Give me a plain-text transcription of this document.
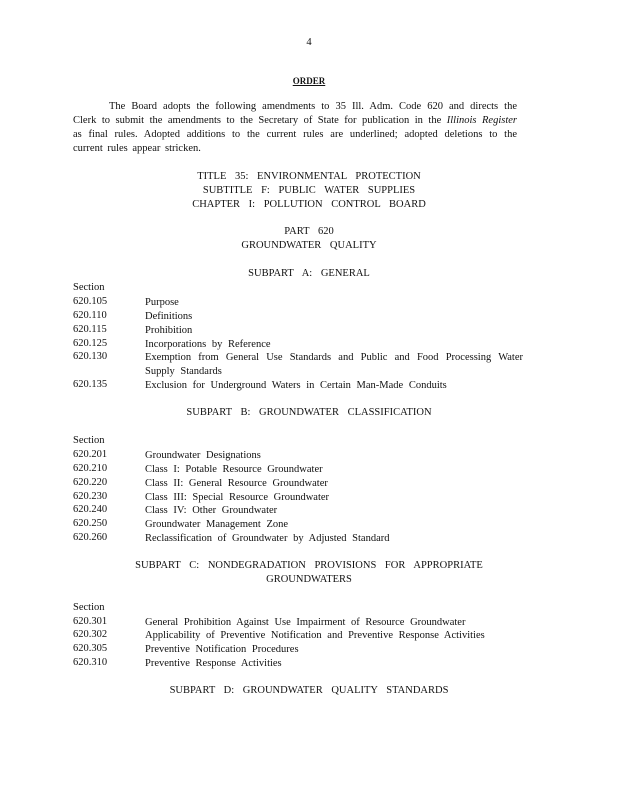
4
ORDER
The Board adopts the following amendments to 35 Ill. Adm. Code 620 and directs the Clerk to submit the amendments to the Secretary of State for publication in the Illinois Register as final rules. Adopted additions to the current rules are underlined; adopted deletions to the current rules appear stricken.
TITLE 35: ENVIRONMENTAL PROTECTION
SUBTITLE F: PUBLIC WATER SUPPLIES
CHAPTER I: POLLUTION CONTROL BOARD
PART 620
GROUNDWATER QUALITY
SUBPART A: GENERAL
Section
620.105	Purpose
620.110	Definitions
620.115	Prohibition
620.125	Incorporations by Reference
620.130	Exemption from General Use Standards and Public and Food Processing Water Supply Standards
620.135	Exclusion for Underground Waters in Certain Man-Made Conduits
SUBPART B: GROUNDWATER CLASSIFICATION
Section
620.201	Groundwater Designations
620.210	Class I: Potable Resource Groundwater
620.220	Class II: General Resource Groundwater
620.230	Class III: Special Resource Groundwater
620.240	Class IV: Other Groundwater
620.250	Groundwater Management Zone
620.260	Reclassification of Groundwater by Adjusted Standard
SUBPART C: NONDEGRADATION PROVISIONS FOR APPROPRIATE
GROUNDWATERS
Section
620.301	General Prohibition Against Use Impairment of Resource Groundwater
620.302	Applicability of Preventive Notification and Preventive Response Activities
620.305	Preventive Notification Procedures
620.310	Preventive Response Activities
SUBPART D: GROUNDWATER QUALITY STANDARDS
